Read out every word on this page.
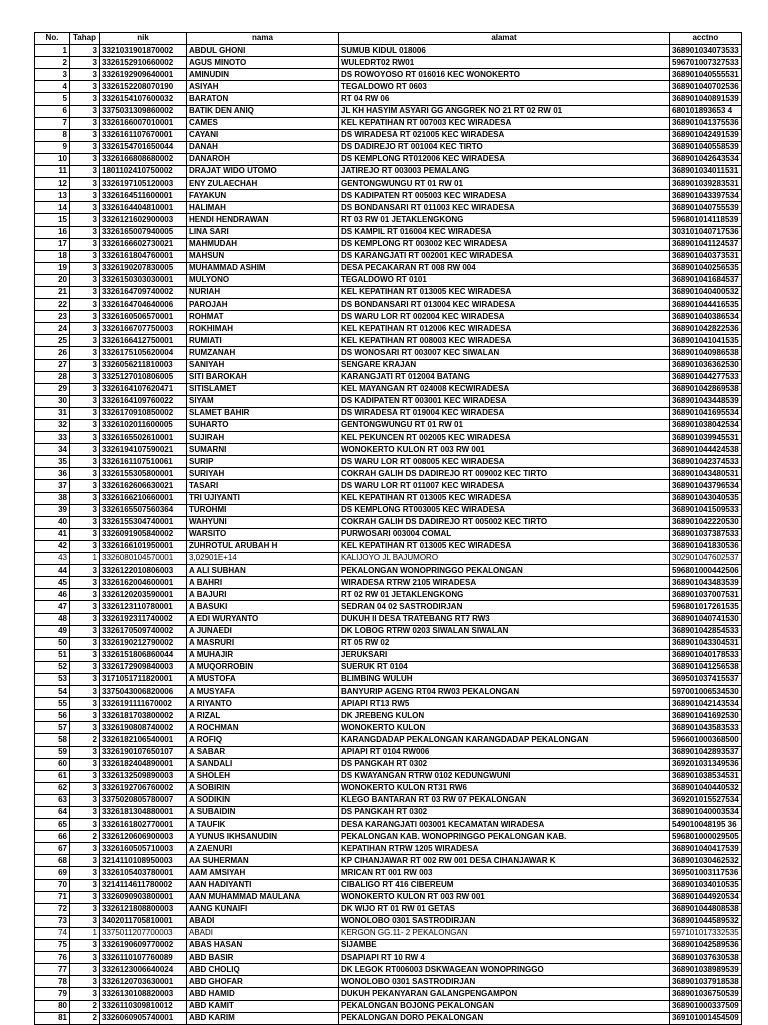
No.	Tahap	nik	nama	alamat	acctno
1	3	3321031901870002	ABDUL GHONI	SUMUB KIDUL 018006	368901034073533
2	3	3326152910660002	AGUS MINOTO	WULEDRT02 RW01	596701007327533
3	3	3326192909640001	AMINUDIN	DS ROWOYOSO RT 016016 KEC WONOKERTO	368901040555531
4	3	3326152208070190	ASIYAH	TEGALDOWO RT 0603	368901040702536
5	3	3326154107600032	BARATON	RT 04 RW 06	368901040891539
6	3	3375031309860002	BATIK DEN ANIQ	JL KH HASYIM ASYARI GG ANGGREK NO 21 RT 02 RW 01	680101893653 4
7	3	3326166007010001	CAMES	KEL KEPATIHAN RT 007003 KEC WIRADESA	368901041375536
8	3	3326161107670001	CAYANI	DS WIRADESA RT 021005 KEC WIRADESA	368901042491539
9	3	3326154701650044	DANAH	DS DADIREJO RT 001004 KEC TIRTO	368901040558539
10	3	3326166808680002	DANAROH	DS KEMPLONG RT012006 KEC WIRADESA	368901042643534
11	3	1801102410750002	DRAJAT WIDO UTOMO	JATIREJO RT 003003 PEMALANG	368901034011531
12	3	3326197105120003	ENY ZULAECHAH	GENTONGWUNGU RT 01 RW 01	368901039283531
13	3	3326164511600001	FAYAKUN	DS KADIPATEN RT 005003 KEC WIRADESA	368901043397534
14	3	3326164404810001	HALIMAH	DS BONDANSARI RT 011003 KEC WIRADESA	368901040755539
15	3	3326121602900003	HENDI HENDRAWAN	RT 03 RW 01 JETAKLENGKONG	596801014118539
16	3	3326165007940005	LINA SARI	DS KAMPIL RT 016004 KEC WIRADESA	303101040717536
17	3	3326166602730021	MAHMUDAH	DS KEMPLONG RT 003002 KEC WIRADESA	368901041124537
18	3	3326161804760001	MAHSUN	DS KARANGJATI RT 002001 KEC WIRADESA	368901040373531
19	3	3326190207830005	MUHAMMAD ASHIM	DESA PECAKARAN RT 008 RW 004	368901040256535
20	3	3326150303030001	MULYONO	TEGALDOWO RT 0101	368901041684537
21	3	3326164709740002	NURIAH	KEL KEPATIHAN RT 013005 KEC WIRADESA	368901040400532
22	3	3326164704640006	PAROJAH	DS BONDANSARI RT 013004 KEC WIRADESA	368901044416535
23	3	3326160506570001	ROHMAT	DS WARU LOR RT 002004 KEC WIRADESA	368901040386534
24	3	3326166707750003	ROKHIMAH	KEL KEPATIHAN RT 012006 KEC WIRADESA	368901042822536
25	3	3326166412750001	RUMIATI	KEL KEPATIHAN RT 008003 KEC WIRADESA	368901041041535
26	3	3326175105620004	RUMZANAH	DS WONOSARI RT 003007 KEC SIWALAN	368901040986538
27	3	3326056211810003	SANIYAH	SENGARE KRAJAN	368901036362530
28	3	3325127010806005	SITI BAROKAH	KARANGJATI RT 012004 BATANG	368901044277533
29	3	3326164107620471	SITISLAMET	KEL MAYANGAN RT 024008 KECWIRADESA	368901042869538
30	3	3326164109760022	SIYAM	DS KADIPATEN RT 003001 KEC WIRADESA	368901043448539
31	3	3326170910850002	SLAMET BAHIR	DS WIRADESA RT 019004 KEC WIRADESA	368901041695534
32	3	3326102011600005	SUHARTO	GENTONGWUNGU RT 01 RW 01	368901038042534
33	3	3326165502610001	SUJIRAH	KEL PEKUNCEN RT 002005 KEC WIRADESA	368901039945531
34	3	3326194107590021	SUMARNI	WONOKERTO KULON RT 003 RW 001	368901044424538
35	3	3326161107510061	SURIP	DS WARU LOR RT 008005 KEC WIRADESA	368901042374533
36	3	3326155305800001	SURIYAH	COKRAH GALIH DS DADIREJO RT 009002 KEC TIRTO	368901043480531
37	3	3326162606630021	TASARI	DS WARU LOR RT 011007 KEC WIRADESA	368901043796534
38	3	3326166210660001	TRI UJIYANTI	KEL KEPATIHAN RT 013005 KEC WIRADESA	368901043040535
39	3	3326165507560364	TUROHMI	DS KEMPLONG RT003005 KEC WIRADESA	368901041509533
40	3	3326155304740001	WAHYUNI	COKRAH GALIH DS DADIREJO RT 005002 KEC TIRTO	368901042220530
41	3	3326091905840002	WARSITO	PURWOSARI 003004 COMAL	368901037387533
42	3	3326166101950001	ZUHROTUL ARUBAH H	KEL KEPATIHAN RT 013005 KEC WIRADESA	368901041830536
43	1	3326080104570001	3,02901E+14	KALIJOYO JL BAJUMORO	302901047602537
44	3	3326122010806003	A ALI SUBHAN	PEKALONGAN WONOPRINGGO PEKALONGAN	596801000442506
45	3	3326162004600001	A BAHRI	WIRADESA RTRW 2105 WIRADESA	368901043483539
46	3	3326120203590001	A BAJURI	RT 02 RW 01 JETAKLENGKONG	368901037007531
47	3	3326123110780001	A BASUKI	SEDRAN 04 02 SASTRODIRJAN	596801017261535
48	3	3326192311740002	A EDI WURYANTO	DUKUH II DESA TRATEBANG RT7 RW3	368901040741530
49	3	3326170509740002	A JUNAEDI	DK LOBOG RTRW 0203 SIWALAN SIWALAN	368901042854533
50	3	3326190212790002	A MASRURI	RT 05 RW 02	368901043304531
51	3	3326151806860044	A MUHAJIR	JERUKSARI	368901040178533
52	3	3326172909840003	A MUQORROBIN	SUERUK RT 0104	368901041256538
53	3	3171051711820001	A MUSTOFA	BLIMBING WULUH	369501037415537
54	3	3375043006820006	A MUSYAFA	BANYURIP AGENG RT04 RW03 PEKALONGAN	597001006534530
55	3	3326191111670002	A RIYANTO	APIAPI RT13 RW5	368901042143534
56	3	3326181703800002	A RIZAL	DK JREBENG KULON	368901041692530
57	3	3326190808740002	A ROCHMAN	WONOKERTO KULON	368901043583533
58	2	3326182106540001	A ROFIQ	KARANGDADAP PEKALONGAN KARANGDADAP PEKALONGAN	596601000368500
59	3	3326190107650107	A SABAR	APIAPI RT 0104 RW006	368901042893537
60	3	3326182404890001	A SANDALI	DS PANGKAH RT 0302	369201031349536
61	3	3326132509890003	A SHOLEH	DS KWAYANGAN RTRW 0102 KEDUNGWUNI	368901038534531
62	3	3326192706760002	A SOBIRIN	WONOKERTO KULON RT31 RW6	368901040440532
63	3	3375020805780007	A SODIKIN	KLEGO BANTARAN RT 03 RW 07 PEKALONGAN	369201015527534
64	3	3326181304880001	A SUBAIDIN	DS PANGKAH RT 0302	368901040003534
65	3	3326161802770001	A TAUFIK	DESA KARANGJATI 003001 KECAMATAN WIRADESA	549010048195 36
66	2	3326120606900003	A YUNUS IKHSANUDIN	PEKALONGAN KAB. WONOPRINGGO PEKALONGAN KAB.	596801000029505
67	3	3326160505710003	A ZAENURI	KEPATIHAN RTRW 1205 WIRADESA	368901040417539
68	3	3214110108950003	AA SUHERMAN	KP CIHANJAWAR RT 002 RW 001 DESA CIHANJAWAR K	368901030462532
69	3	3326105403780001	AAM AMSIYAH	MRICAN RT 001 RW 003	369501003117536
70	3	3214114611780002	AAN HADIYANTI	CIBALIGO RT 416 CIBEREUM	368901034010535
71	3	3326090903800001	AAN MUHAMMAD MAULANA	WONOKERTO KULON RT 003 RW 001	368901044920534
72	3	3326121808800003	AANG KUNAIFI	DK WIJO RT 01 RW 01 GETAS	368901044808538
73	3	3402011705810001	ABADI	WONOLOBO 0301 SASTRODIRJAN	368901044589532
74	1	3375011207700003	ABADI	KERGON GG.11- 2 PEKALONGAN	597101017332535
75	3	3326190609770002	ABAS HASAN	SIJAMBE	368901042589536
76	3	3326110107760089	ABD BASIR	DSAPIAPI RT 10 RW 4	368901037630538
77	3	3326123006640024	ABD CHOLIQ	DK LEGOK RT006003 DSKWAGEAN WONOPRINGGO	368901038989539
78	3	3326120703630001	ABD GHOFAR	WONOLOBO 0301 SASTRODIRJAN	368901037918538
79	3	3326130108820003	ABD HAMID	DUKUH PEKANYARAN GALANGPENGAMPON	368901036750539
80	2	3326110309810012	ABD KAMIT	PEKALONGAN BOJONG PEKALONGAN	368901000337509
81	2	3326060905740001	ABD KARIM	PEKALONGAN DORO PEKALONGAN	369101001454509
